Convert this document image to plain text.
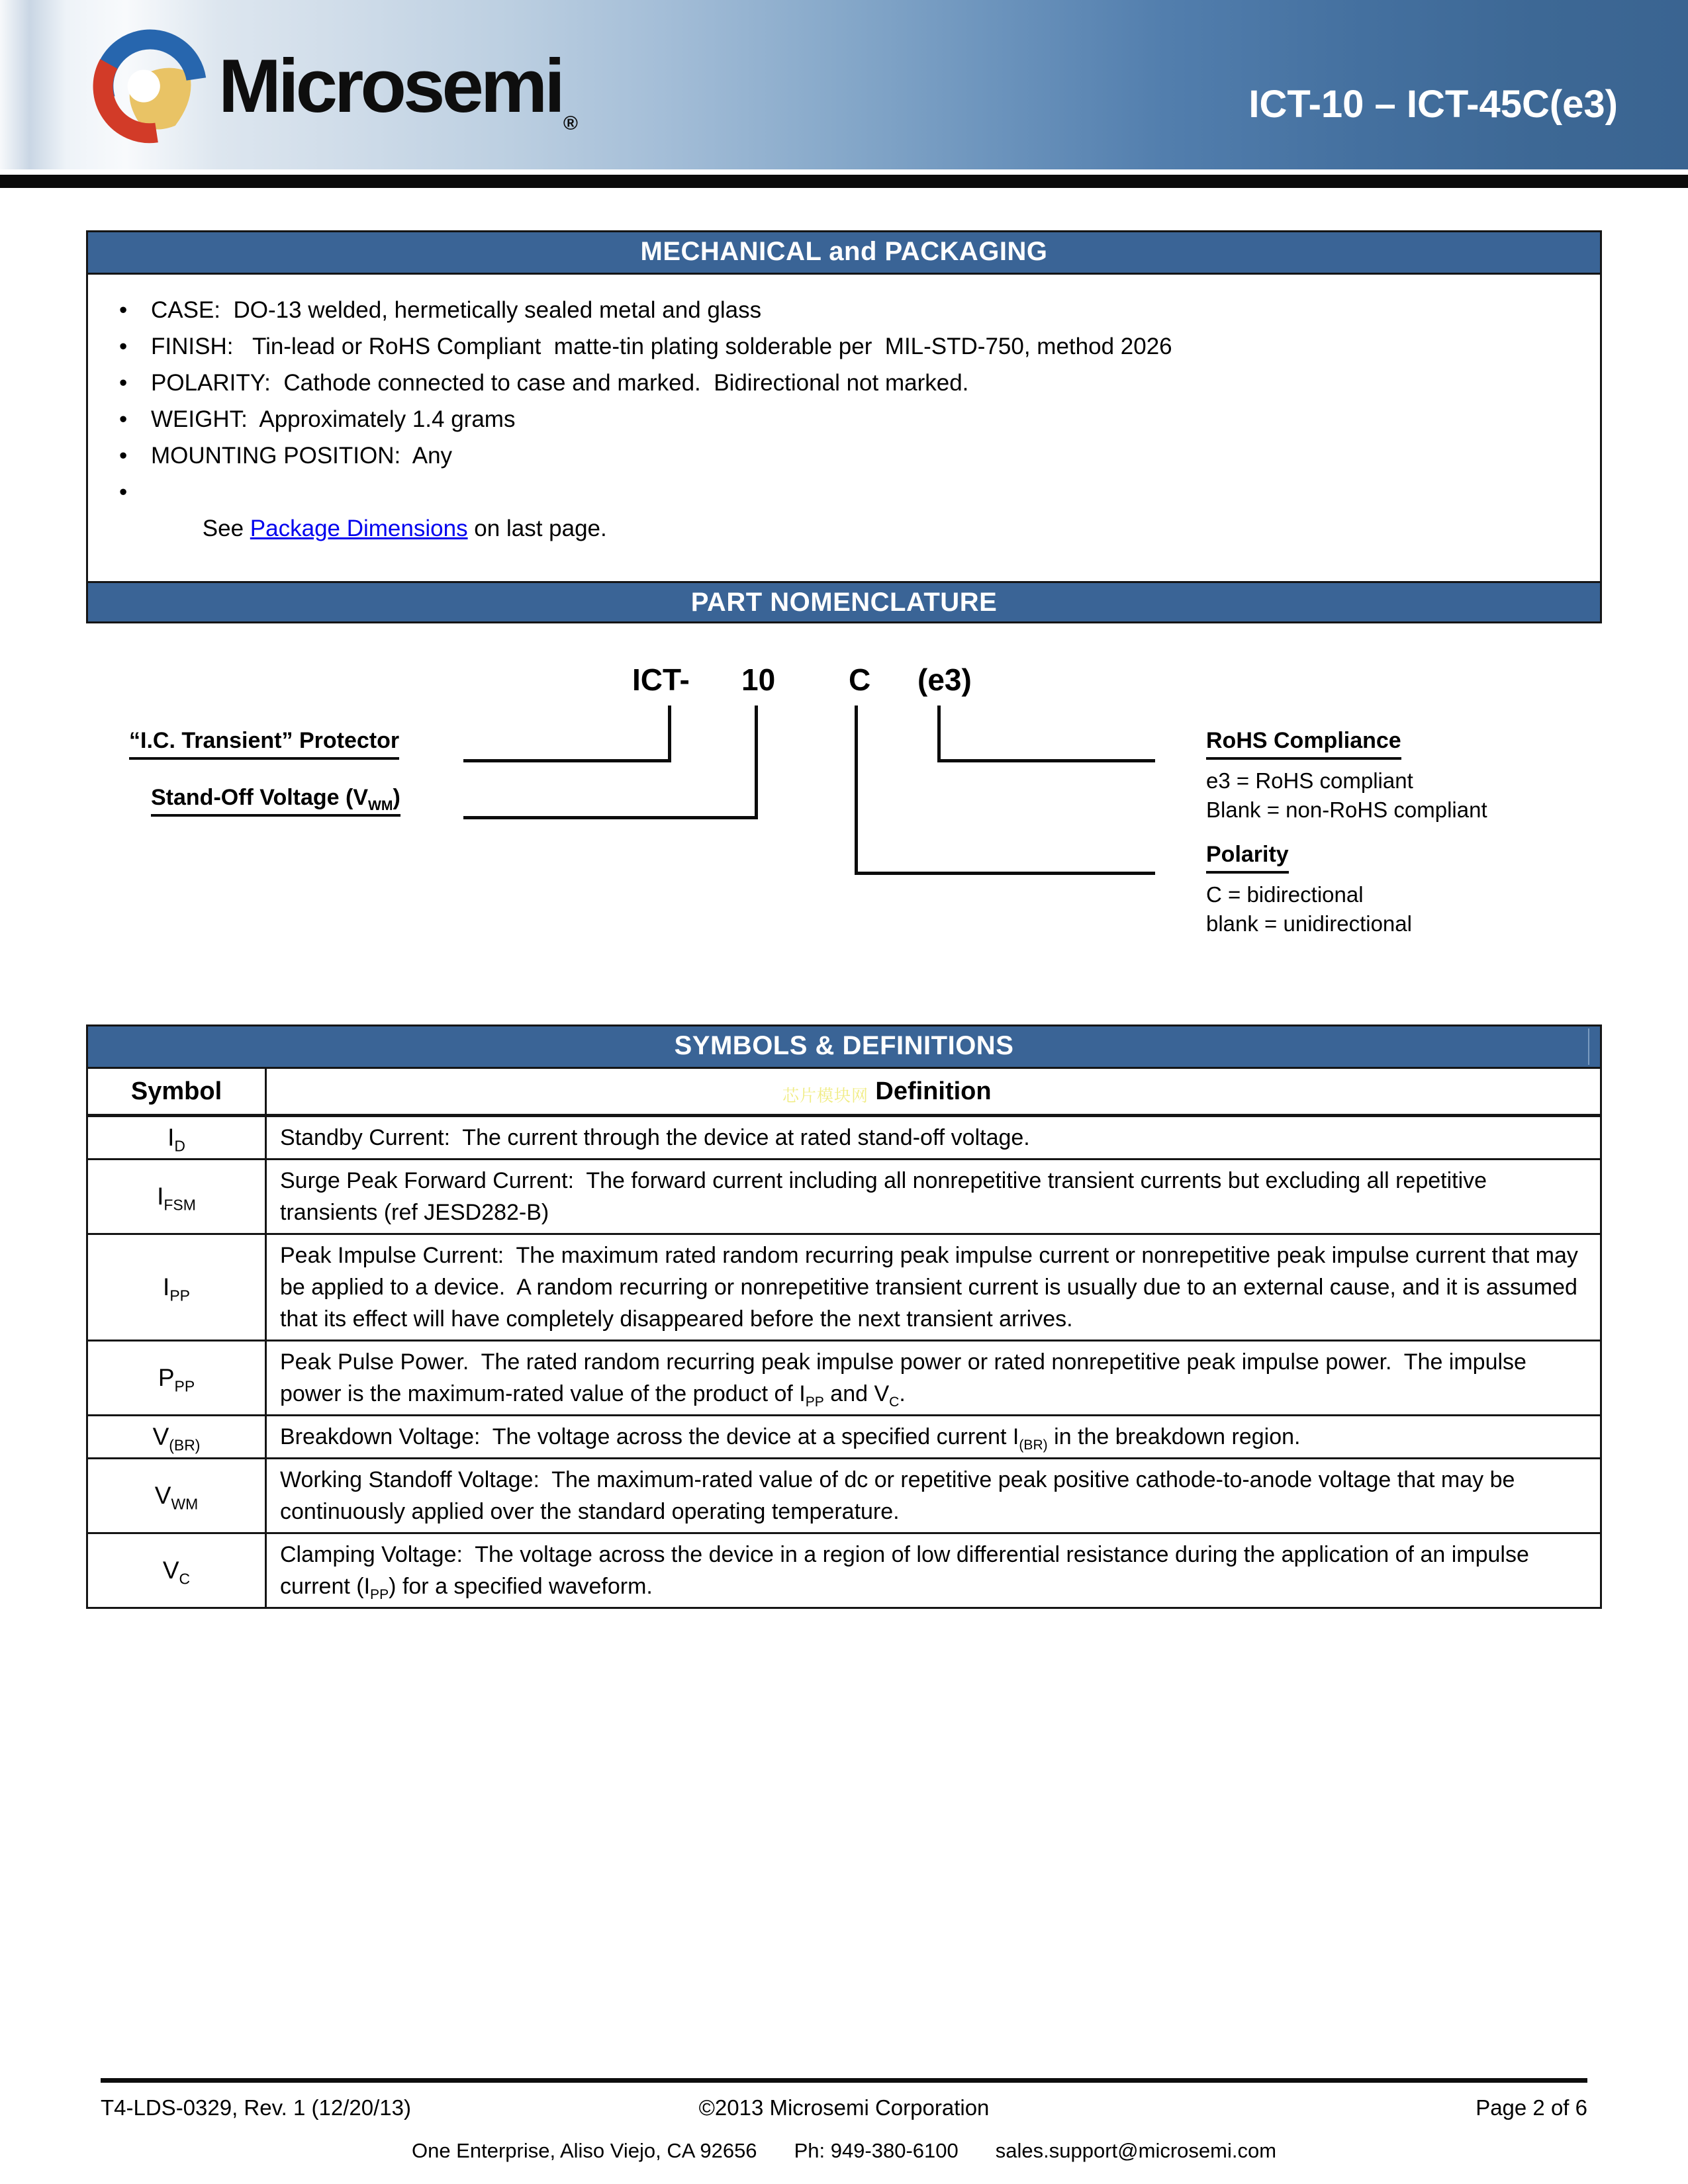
Microsemi ®	ICT-10 – ICT-45C(e3)
MECHANICAL and PACKAGING
• CASE:  DO-13 welded, hermetically sealed metal and glass
• FINISH:   Tin-lead or RoHS Compliant  matte-tin plating solderable per  MIL-STD-750, method 2026
• POLARITY:  Cathode connected to case and marked.  Bidirectional not marked.
• WEIGHT:  Approximately 1.4 grams
• MOUNTING POSITION:  Any

• See Package Dimensions on last page.

PART NOMENCLATURE
ICT- 10 C (e3)
“I.C. Transient” Protector
Stand-Off Voltage $(V_{WM})$
RoHS Compliance
e3 = RoHS compliant
Blank = non-RoHS compliant
Polarity
C = bidirectional
blank = unidirectional
SYMBOLS & DEFINITIONS
Symbol	芯片模块网 Definition
$I_D$	Standby Current:  The current through the device at rated stand-off voltage.
$I_{FSM}$	Surge Peak Forward Current:  The forward current including all nonrepetitive transient currents but excluding all repetitive transients (ref JESD282-B)
$I_{PP}$	Peak Impulse Current:  The maximum rated random recurring peak impulse current or nonrepetitive peak impulse current that may be applied to a device.  A random recurring or nonrepetitive transient current is usually due to an external cause, and it is assumed that its effect will have completely disappeared before the next transient arrives.
$P_{PP}$	Peak Pulse Power.  The rated random recurring peak impulse power or rated nonrepetitive peak impulse power.  The impulse power is the maximum-rated value of the product of $I_{PP}$ and $V_C$.
$V_{(BR)}$	Breakdown Voltage:  The voltage across the device at a specified current $I_{(BR)}$ in the breakdown region.
$V_{WM}$	Working Standoff Voltage:  The maximum-rated value of dc or repetitive peak positive cathode-to-anode voltage that may be continuously applied over the standard operating temperature.
$V_C$	Clamping Voltage:  The voltage across the device in a region of low differential resistance during the application of an impulse current $(I_{PP})$ for a specified waveform.
©2013 Microsemi Corporation
T4-LDS-0329, Rev. 1 (12/20/13)	Page 2 of 6
One Enterprise, Aliso Viejo, CA 92656 Ph: 949-380-6100 sales.support@microsemi.com
